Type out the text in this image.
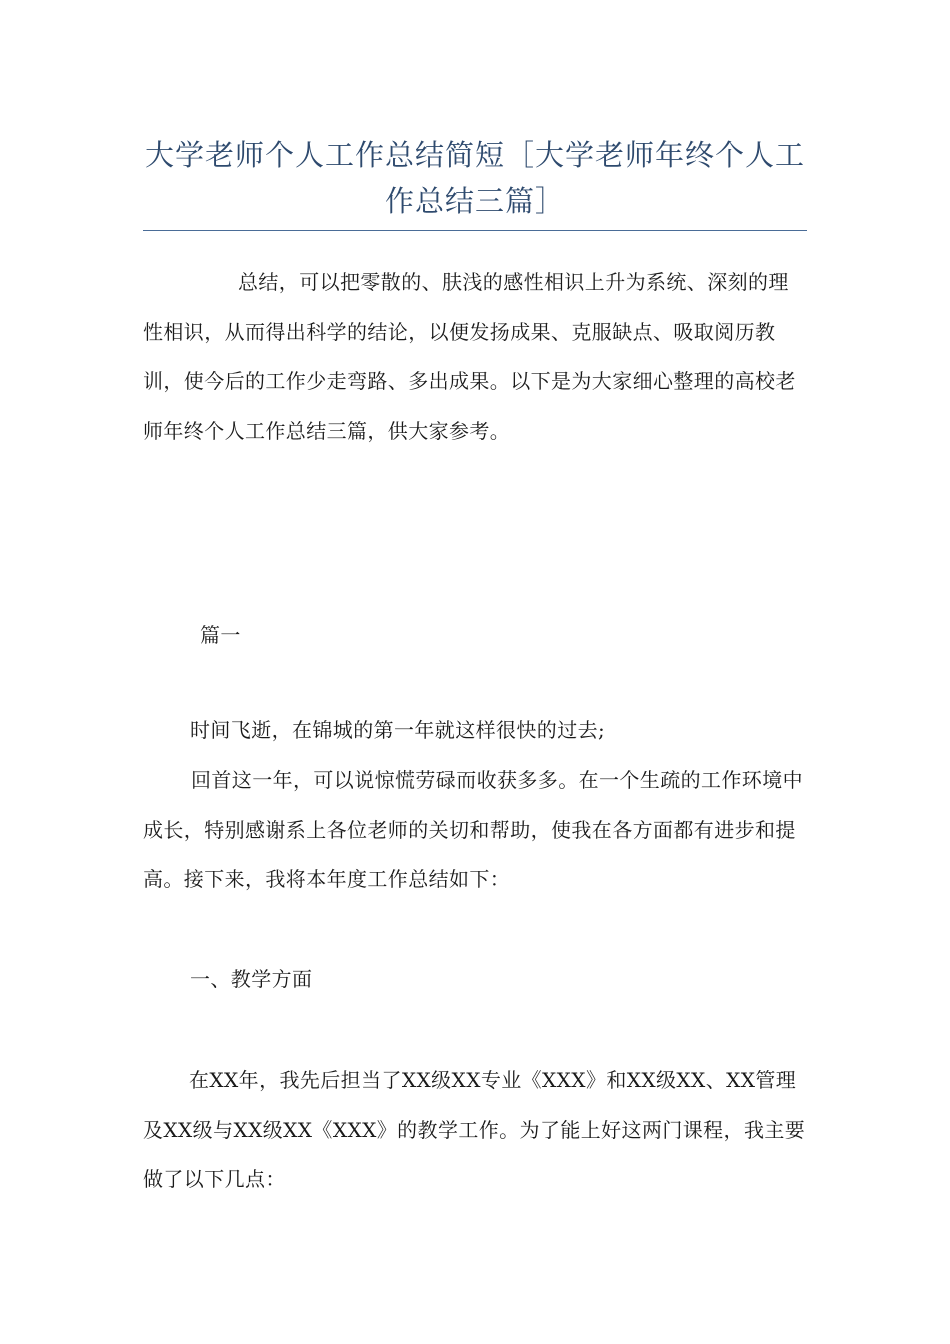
大学老师个人工作总结简短［大学老师年终个人工作总结三篇］

总结，可以把零散的、肤浅的感性相识上升为系统、深刻的理性相识，从而得出科学的结论，以便发扬成果、克服缺点、吸取阅历教训，使今后的工作少走弯路、多出成果。以下是为大家细心整理的高校老师年终个人工作总结三篇，供大家参考。

篇一

时间飞逝，在锦城的第一年就这样很快的过去;

回首这一年，可以说惊慌劳碌而收获多多。在一个生疏的工作环境中成长，特别感谢系上各位老师的关切和帮助，使我在各方面都有进步和提高。接下来，我将本年度工作总结如下：

一、教学方面

在XX年，我先后担当了XX级XX专业《XXX》和XX级XX、XX管理及XX级与XX级XX《XXX》的教学工作。为了能上好这两门课程，我主要做了以下几点：
